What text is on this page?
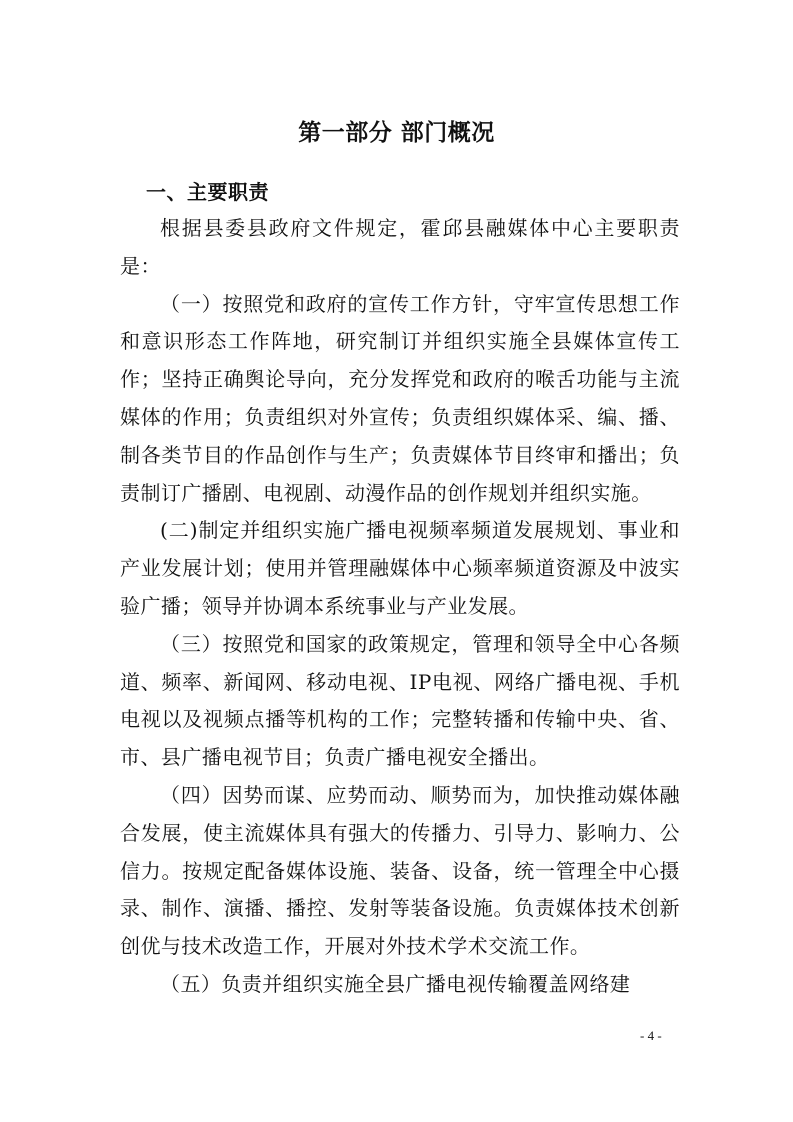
第一部分 部门概况
一、主要职责

根据县委县政府文件规定，霍邱县融媒体中心主要职责是：

（一）按照党和政府的宣传工作方针，守牢宣传思想工作和意识形态工作阵地，研究制订并组织实施全县媒体宣传工作；坚持正确舆论导向，充分发挥党和政府的喉舌功能与主流媒体的作用；负责组织对外宣传；负责组织媒体采、编、播、制各类节目的作品创作与生产；负责媒体节目终审和播出；负责制订广播剧、电视剧、动漫作品的创作规划并组织实施。

(二)制定并组织实施广播电视频率频道发展规划、事业和产业发展计划；使用并管理融媒体中心频率频道资源及中波实验广播；领导并协调本系统事业与产业发展。

（三）按照党和国家的政策规定，管理和领导全中心各频道、频率、新闻网、移动电视、IP电视、网络广播电视、手机电视以及视频点播等机构的工作；完整转播和传输中央、省、市、县广播电视节目；负责广播电视安全播出。

（四）因势而谋、应势而动、顺势而为，加快推动媒体融合发展，使主流媒体具有强大的传播力、引导力、影响力、公信力。按规定配备媒体设施、装备、设备，统一管理全中心摄录、制作、演播、播控、发射等装备设施。负责媒体技术创新创优与技术改造工作，开展对外技术学术交流工作。

（五）负责并组织实施全县广播电视传输覆盖网络建

- 4 -
